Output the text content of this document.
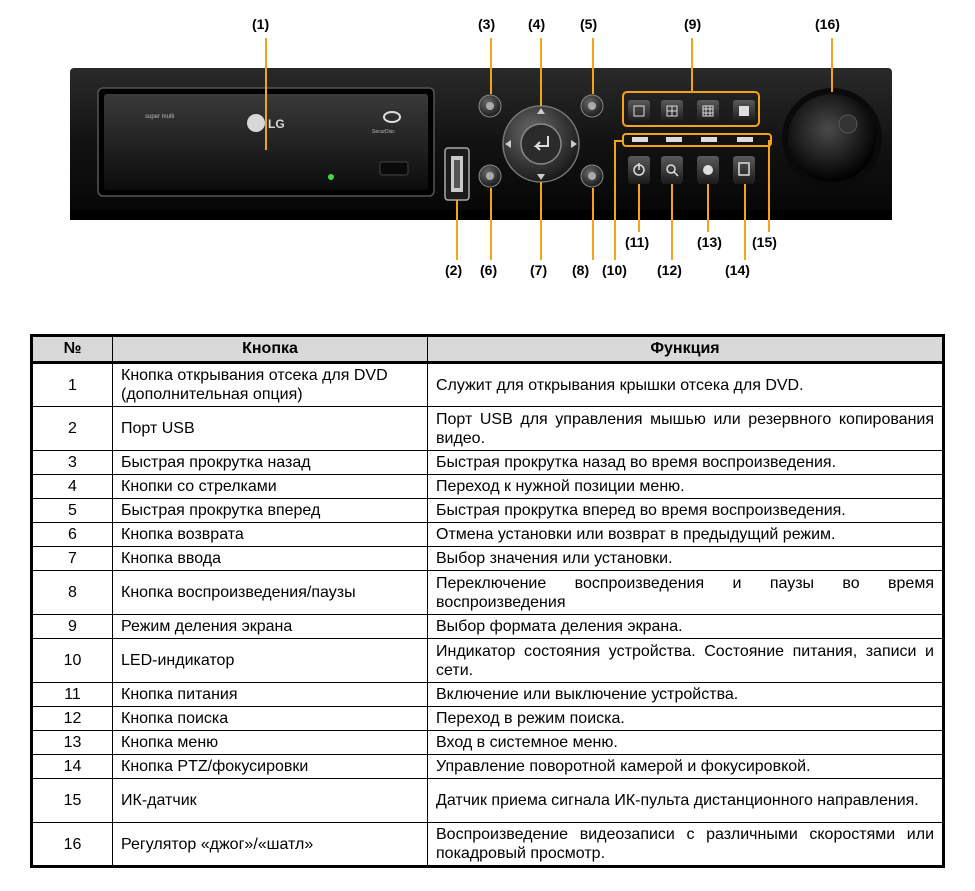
LG
super multi
SecurDisc
(1)
(2)
(3) (4) (5)
(6) (7) (8)
(9)
(10)
(11)
(12)
(13)
(14)
(15)
(16)
№	Кнопка	Функция
1	Кнопка открывания отсека для DVD (дополнительная опция)	Служит для открывания крышки отсека для DVD.
2	Порт USB	Порт USB для управления мышью или резервного копирования видео.
3	Быстрая прокрутка назад	Быстрая прокрутка назад во время воспроизведения.
4	Кнопки со стрелками	Переход к нужной позиции меню.
5	Быстрая прокрутка вперед	Быстрая прокрутка вперед во время воспроизведения.
6	Кнопка возврата	Отмена установки или возврат в предыдущий режим.
7	Кнопка ввода	Выбор значения или установки.
8	Кнопка воспроизведения/паузы	Переключение воспроизведения и паузы во время воспроизведения
9	Режим деления экрана	Выбор формата деления экрана.
10	LED-индикатор	Индикатор состояния устройства. Состояние питания, записи и сети.
11	Кнопка питания	Включение или выключение устройства.
12	Кнопка поиска	Переход в режим поиска.
13	Кнопка меню	Вход в системное меню.
14	Кнопка PTZ/фокусировки	Управление поворотной камерой и фокусировкой.
15	ИК-датчик	Датчик приема сигнала ИК-пульта дистанционного направления.
16	Регулятор «джог»/«шатл»	Воспроизведение видеозаписи с различными скоростями или покадровый просмотр.
